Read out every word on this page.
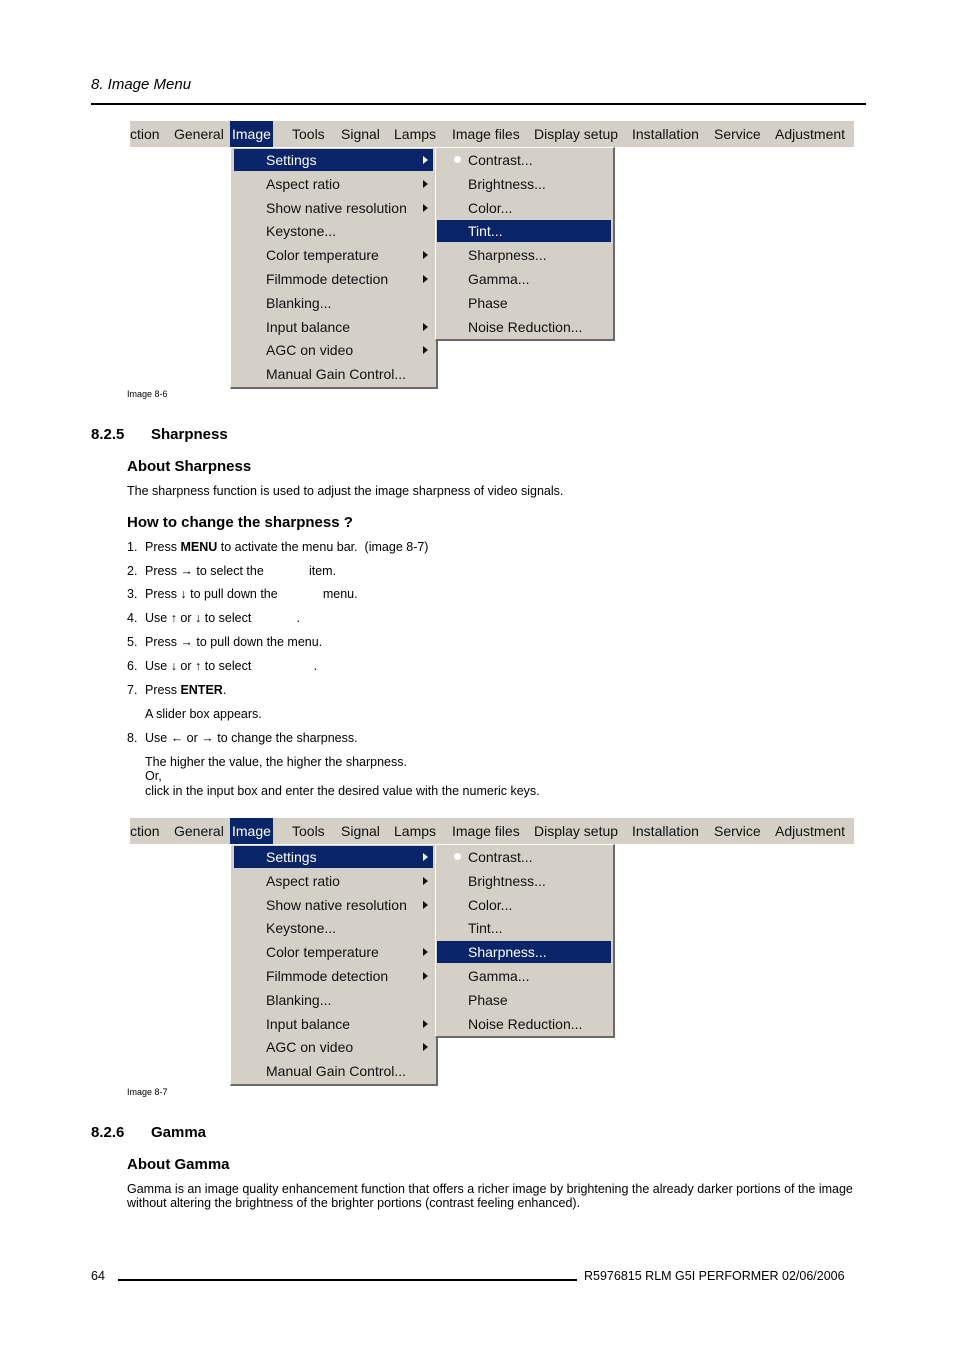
8. Image Menu
ction General Image Tools Signal Lamps Image files Display setup Installation Service Adjustment
Settings
Aspect ratio
Show native resolution
Keystone...
Color temperature
Filmmode detection
Blanking...
Input balance
AGC on video
Manual Gain Control...
Contrast...
Brightness...
Color...
Tint...
Sharpness...
Gamma...
Phase
Noise Reduction...
Image 8-6
8.2.5 Sharpness
About Sharpness
The sharpness function is used to adjust the image sharpness of video signals.
How to change the sharpness ?
1. Press MENU to activate the menu bar.  (image 8-7)
2. Press → to select the             item.
3. Press ↓ to pull down the             menu.
4. Use ↑ or ↓ to select             .
5. Press → to pull down the menu.
6. Use ↓ or ↑ to select                  .
7. Press ENTER.
8. Use ← or → to change the sharpness.
A slider box appears.
The higher the value, the higher the sharpness.
Or,
click in the input box and enter the desired value with the numeric keys.
ction General Image Tools Signal Lamps Image files Display setup Installation Service Adjustment
Settings
Aspect ratio
Show native resolution
Keystone...
Color temperature
Filmmode detection
Blanking...
Input balance
AGC on video
Manual Gain Control...
Contrast...
Brightness...
Color...
Tint...
Sharpness...
Gamma...
Phase
Noise Reduction...
Image 8-7
8.2.6 Gamma
About Gamma
Gamma is an image quality enhancement function that offers a richer image by brightening the already darker portions of the image
without altering the brightness of the brighter portions (contrast feeling enhanced).
64	R5976815 RLM G5I PERFORMER 02/06/2006
